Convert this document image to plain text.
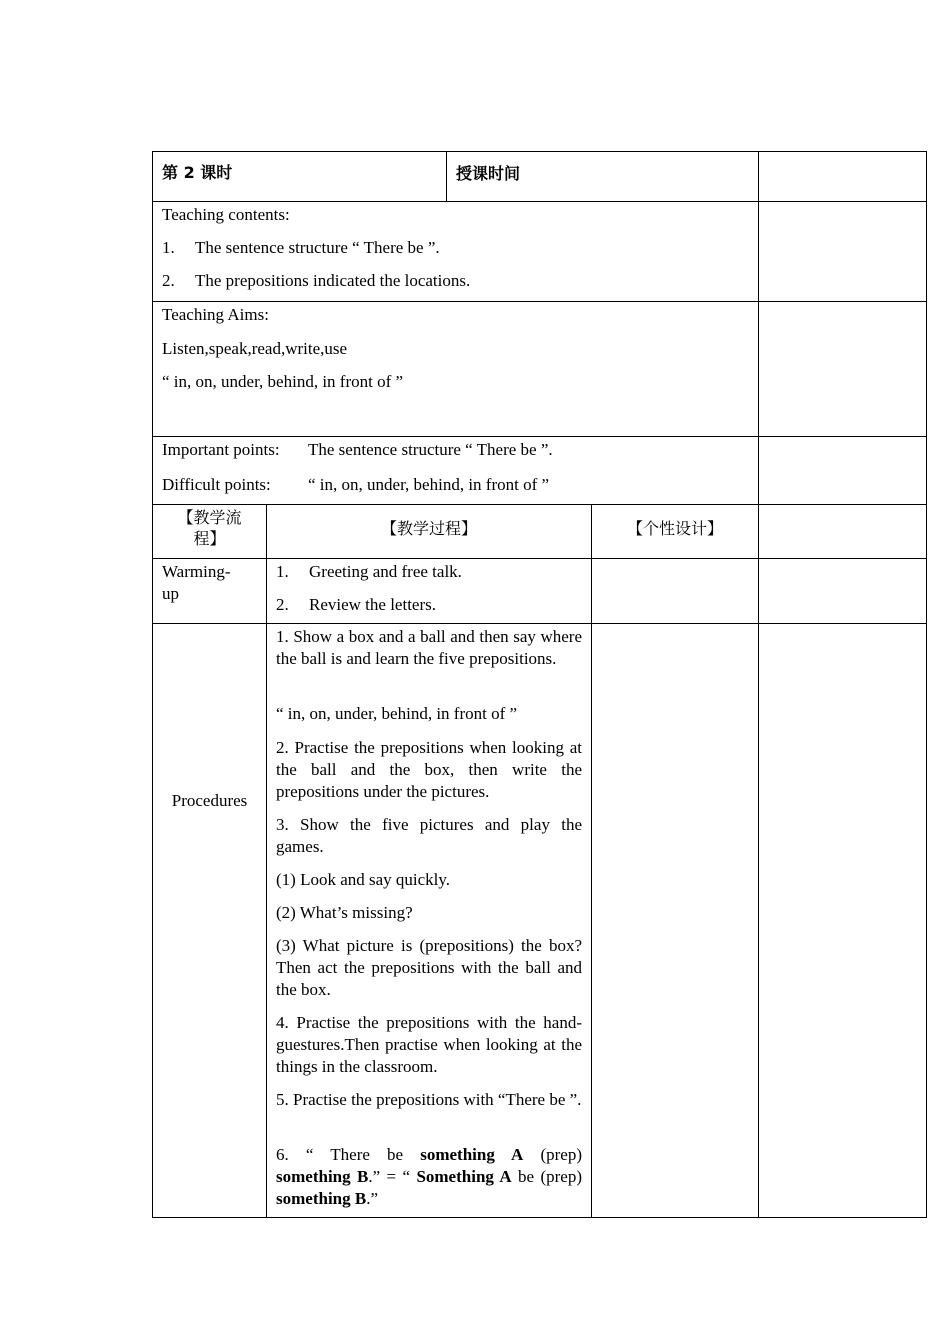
第 2 课时	授课时间
Teaching contents:
1. The sentence structure “ There be ”.
2. The prepositions indicated the locations.
Teaching Aims:
Listen,speak,read,write,use
“ in, on, under, behind, in front of ”
Important points: The sentence structure “ There be ”.
Difficult points: “ in, on, under, behind, in front of ”
【教学流
程】
【教学过程】	【个性设计】
Warming-
up
1. Greeting and free talk.
2. Review the letters.
Procedures
1. Show a box and a ball and then say where the ball is and learn the five prepositions.
“ in, on, under, behind, in front of ”
2. Practise the prepositions when looking at the ball and the box, then write the prepositions under the pictures.
3. Show the five pictures and play the games.
(1) Look and say quickly.
(2) What’s missing?
(3) What picture is (prepositions) the box?Then act the prepositions with the ball and the box.
4. Practise the prepositions with the hand-guestures.Then practise when looking at the things in the classroom.
5. Practise the prepositions with “There be ”.
6. “ There be something A (prep) something B.” = “ Something A be (prep) something B.”
